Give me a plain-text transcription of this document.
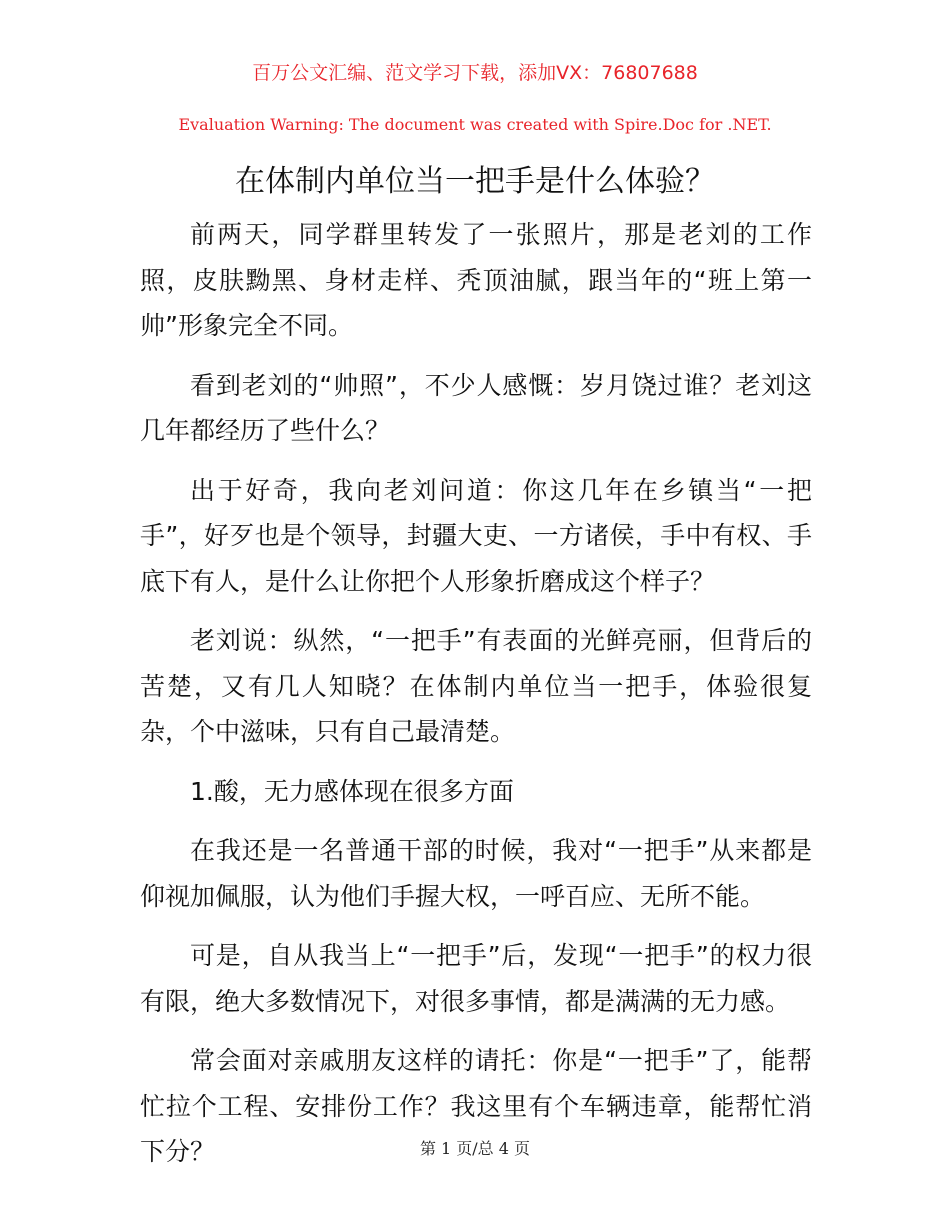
百万公文汇编、范文学习下载，添加VX：76807688
Evaluation Warning: The document was created with Spire.Doc for .NET.
在体制内单位当一把手是什么体验？

前两天，同学群里转发了一张照片，那是老刘的工作照，皮肤黝黑、身材走样、秃顶油腻，跟当年的“班上第一帅”形象完全不同。

看到老刘的“帅照”，不少人感慨：岁月饶过谁？老刘这几年都经历了些什么？

出于好奇，我向老刘问道：你这几年在乡镇当“一把手”，好歹也是个领导，封疆大吏、一方诸侯，手中有权、手底下有人，是什么让你把个人形象折磨成这个样子？

老刘说：纵然，“一把手”有表面的光鲜亮丽，但背后的苦楚，又有几人知晓？在体制内单位当一把手，体验很复杂，个中滋味，只有自己最清楚。

1.酸，无力感体现在很多方面

在我还是一名普通干部的时候，我对“一把手”从来都是仰视加佩服，认为他们手握大权，一呼百应、无所不能。

可是，自从我当上“一把手”后，发现“一把手”的权力很有限，绝大多数情况下，对很多事情，都是满满的无力感。

常会面对亲戚朋友这样的请托：你是“一把手”了，能帮忙拉个工程、安排份工作？我这里有个车辆违章，能帮忙消下分？	第 1 页/总 4 页
